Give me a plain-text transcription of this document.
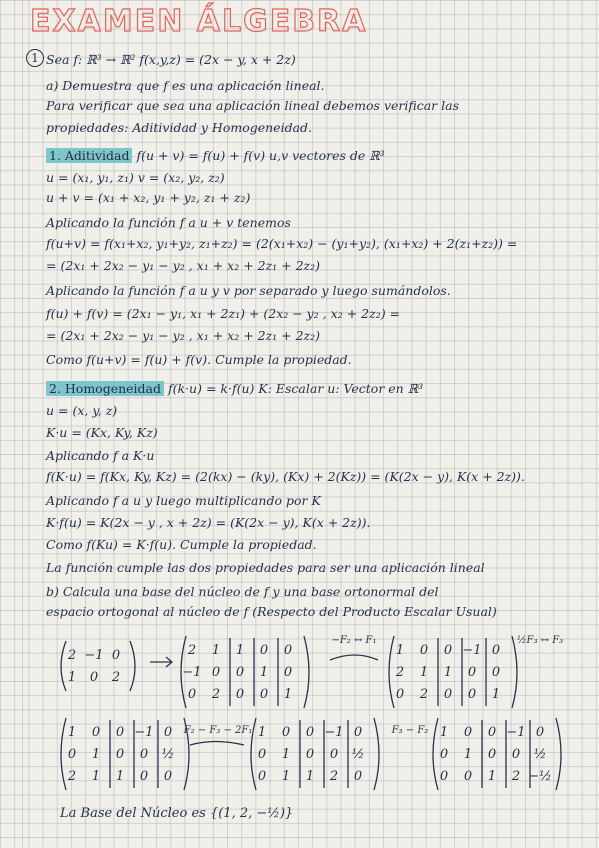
EXAMEN ÁLGEBRA
1 Sea f: ℝ³ → ℝ² f(x,y,z) = (2x − y, x + 2z)
a) Demuestra que f es una aplicación lineal.
Para verificar que sea una aplicación lineal debemos verificar las
propiedades: Aditividad y Homogeneidad.
1. Aditividad f(u + v) = f(u) + f(v) u,v vectores de ℝ³
u = (x₁, y₁, z₁) v = (x₂, y₂, z₂)
u + v = (x₁ + x₂, y₁ + y₂, z₁ + z₂)
Aplicando la función f a u + v tenemos
f(u+v) = f(x₁+x₂, y₁+y₂, z₁+z₂) = (2(x₁+x₂) − (y₁+y₂), (x₁+x₂) + 2(z₁+z₂)) =
= (2x₁ + 2x₂ − y₁ − y₂ , x₁ + x₂ + 2z₁ + 2z₂)
Aplicando la función f a u y v por separado y luego sumándolos.
f(u) + f(v) = (2x₁ − y₁, x₁ + 2z₁) + (2x₂ − y₂ , x₂ + 2z₂) =
= (2x₁ + 2x₂ − y₁ − y₂ , x₁ + x₂ + 2z₁ + 2z₂)
Como f(u+v) = f(u) + f(v). Cumple la propiedad.
2. Homogeneidad f(k·u) = k·f(u) K: Escalar u: Vector en ℝ³
u = (x, y, z)
K·u = (Kx, Ky, Kz)
Aplicando f a K·u
f(K·u) = f(Kx, Ky, Kz) = (2(kx) − (ky), (Kx) + 2(Kz)) = (K(2x − y), K(x + 2z)).
Aplicando f a u y luego multiplicando por K
K·f(u) = K(2x − y , x + 2z) = (K(2x − y), K(x + 2z)).
Como f(Ku) = K·f(u). Cumple la propiedad.
La función cumple las dos propiedades para ser una aplicación lineal
b) Calcula una base del núcleo de f y una base ortonormal del
espacio ortogonal al núcleo de f (Respecto del Producto Escalar Usual)
2 −1 0
1 0 2
2 1 1 0 0
−1 0 0 1 0
0 2 0 0 1
−F₂ ↔ F₁
1 0 0 −1 0
2 1 1 0 0
0 2 0 0 1
½F₃ ↔ F₃
1 0 0 −1 0
0 1 0 0 ½
2 1 1 0 0
F₂ − F₃ − 2F₁ 1 0 0 −1 0
0 1 0 0 ½
0 1 1 2 0
F₃ − F₂ 1 0 0 −1 0
0 1 0 0 ½
0 0 1 2 −½
La Base del Núcleo es {(1, 2, −½)}
